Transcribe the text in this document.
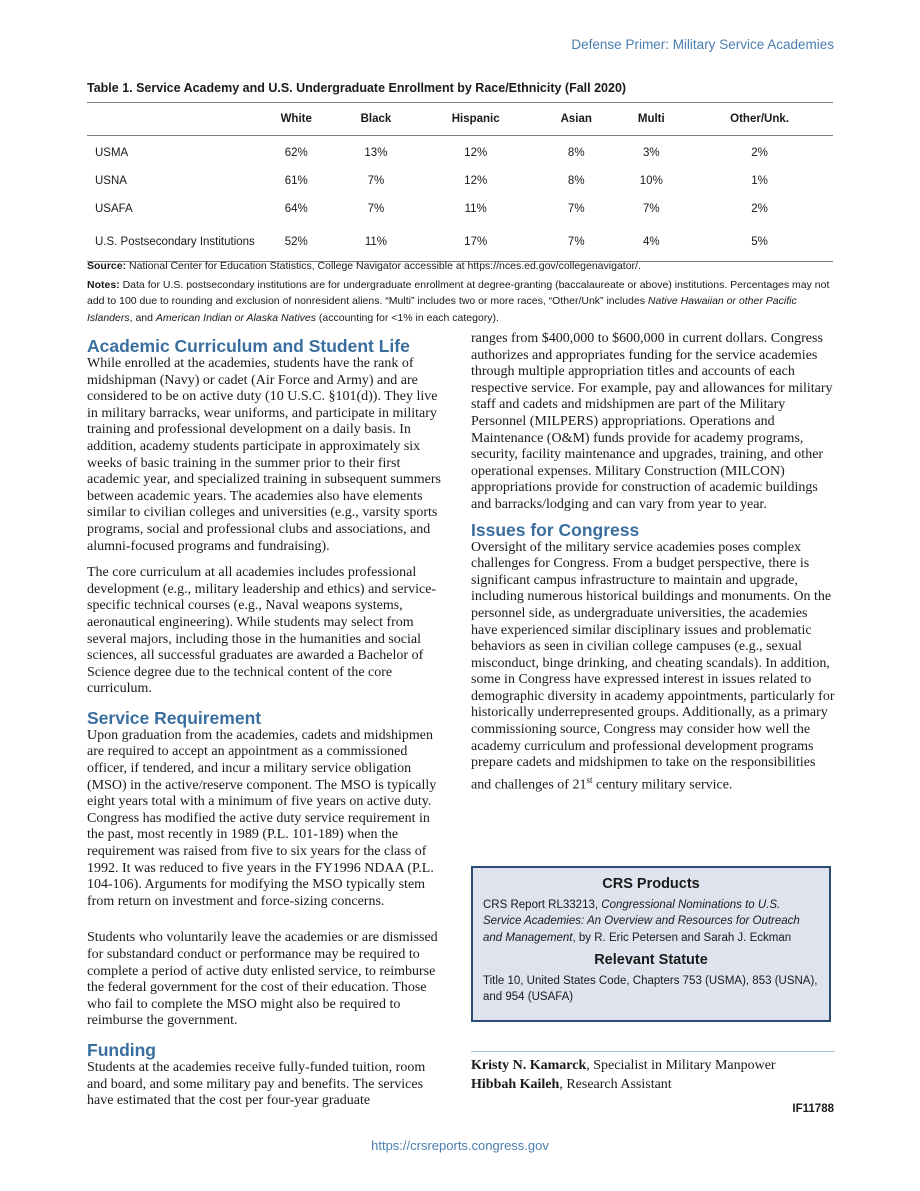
Defense Primer: Military Service Academies
Table 1. Service Academy and U.S. Undergraduate Enrollment by Race/Ethnicity (Fall 2020)
	White	Black	Hispanic	Asian	Multi	Other/Unk.
USMA	62%	13%	12%	8%	3%	2%
USNA	61%	7%	12%	8%	10%	1%
USAFA	64%	7%	11%	7%	7%	2%
U.S. Postsecondary Institutions	52%	11%	17%	7%	4%	5%

Source: National Center for Education Statistics, College Navigator accessible at https://nces.ed.gov/collegenavigator/.

Notes: Data for U.S. postsecondary institutions are for undergraduate enrollment at degree-granting (baccalaureate or above) institutions. Percentages may not add to 100 due to rounding and exclusion of nonresident aliens. “Multi” includes two or more races, “Other/Unk” includes Native Hawaiian or other Pacific Islanders, and American Indian or Alaska Natives (accounting for <1% in each category).

Academic Curriculum and Student Life

While enrolled at the academies, students have the rank of midshipman (Navy) or cadet (Air Force and Army) and are considered to be on active duty (10 U.S.C. §101(d)). They live in military barracks, wear uniforms, and participate in military training and professional development on a daily basis. In addition, academy students participate in approximately six weeks of basic training in the summer prior to their first academic year, and specialized training in subsequent summers between academic years. The academies also have elements similar to civilian colleges and universities (e.g., varsity sports programs, social and professional clubs and associations, and alumni-focused programs and fundraising).

The core curriculum at all academies includes professional development (e.g., military leadership and ethics) and service-specific technical courses (e.g., Naval weapons systems, aeronautical engineering). While students may select from several majors, including those in the humanities and social sciences, all successful graduates are awarded a Bachelor of Science degree due to the technical content of the core curriculum.

Service Requirement

Upon graduation from the academies, cadets and midshipmen are required to accept an appointment as a commissioned officer, if tendered, and incur a military service obligation (MSO) in the active/reserve component. The MSO is typically eight years total with a minimum of five years on active duty. Congress has modified the active duty service requirement in the past, most recently in 1989 (P.L. 101-189) when the requirement was raised from five to six years for the class of 1992. It was reduced to five years in the FY1996 NDAA (P.L. 104-106). Arguments for modifying the MSO typically stem from return on investment and force-sizing concerns.

Students who voluntarily leave the academies or are dismissed for substandard conduct or performance may be required to complete a period of active duty enlisted service, to reimburse the federal government for the cost of their education. Those who fail to complete the MSO might also be required to reimburse the government.

Funding

Students at the academies receive fully-funded tuition, room and board, and some military pay and benefits. The services have estimated that the cost per four-year graduate

ranges from $400,000 to $600,000 in current dollars. Congress authorizes and appropriates funding for the service academies through multiple appropriation titles and accounts of each respective service. For example, pay and allowances for military staff and cadets and midshipmen are part of the Military Personnel (MILPERS) appropriations. Operations and Maintenance (O&M) funds provide for academy programs, security, facility maintenance and upgrades, training, and other operational expenses. Military Construction (MILCON) appropriations provide for construction of academic buildings and barracks/lodging and can vary from year to year.

Issues for Congress

Oversight of the military service academies poses complex challenges for Congress. From a budget perspective, there is significant campus infrastructure to maintain and upgrade, including numerous historical buildings and monuments. On the personnel side, as undergraduate universities, the academies have experienced similar disciplinary issues and problematic behaviors as seen in civilian college campuses (e.g., sexual misconduct, binge drinking, and cheating scandals). In addition, some in Congress have expressed interest in issues related to demographic diversity in academy appointments, particularly for historically underrepresented groups. Additionally, as a primary commissioning source, Congress may consider how well the academy curriculum and professional development programs prepare cadets and midshipmen to take on the responsibilities and challenges of 21st century military service.

CRS Products

CRS Report RL33213, Congressional Nominations to U.S. Service Academies: An Overview and Resources for Outreach and Management, by R. Eric Petersen and Sarah J. Eckman

Relevant Statute

Title 10, United States Code, Chapters 753 (USMA), 853 (USNA), and 954 (USAFA)

Kristy N. Kamarck, Specialist in Military Manpower
Hibbah Kaileh, Research Assistant
IF11788
https://crsreports.congress.gov
